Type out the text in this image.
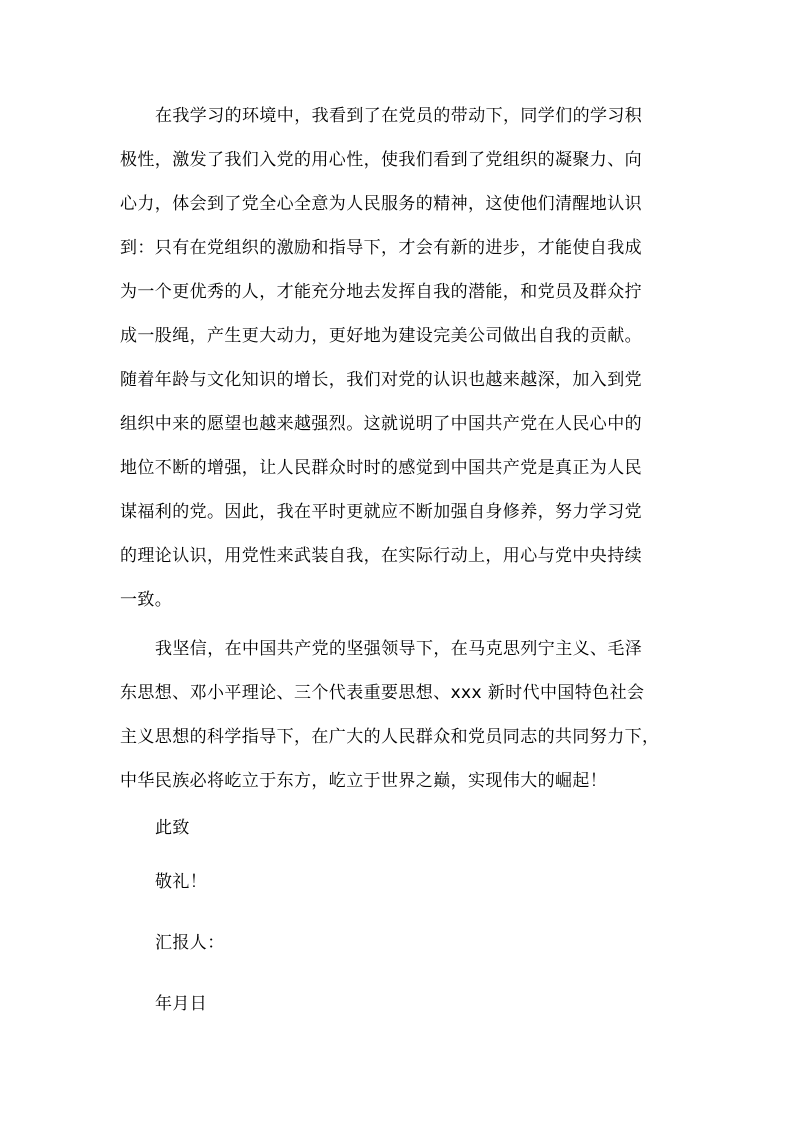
在我学习的环境中，我看到了在党员的带动下，同学们的学习积
极性，激发了我们入党的用心性，使我们看到了党组织的凝聚力、向
心力，体会到了党全心全意为人民服务的精神，这使他们清醒地认识
到：只有在党组织的激励和指导下，才会有新的进步，才能使自我成
为一个更优秀的人，才能充分地去发挥自我的潜能，和党员及群众拧
成一股绳，产生更大动力，更好地为建设完美公司做出自我的贡献。
随着年龄与文化知识的增长，我们对党的认识也越来越深，加入到党
组织中来的愿望也越来越强烈。这就说明了中国共产党在人民心中的
地位不断的增强，让人民群众时时的感觉到中国共产党是真正为人民
谋福利的党。因此，我在平时更就应不断加强自身修养，努力学习党
的理论认识，用党性来武装自我，在实际行动上，用心与党中央持续
一致。
我坚信，在中国共产党的坚强领导下，在马克思列宁主义、毛泽
东思想、邓小平理论、三个代表重要思想、xxx 新时代中国特色社会
主义思想的科学指导下，在广大的人民群众和党员同志的共同努力下，
中华民族必将屹立于东方，屹立于世界之巅，实现伟大的崛起！
此致
敬礼！
汇报人：
年月日
